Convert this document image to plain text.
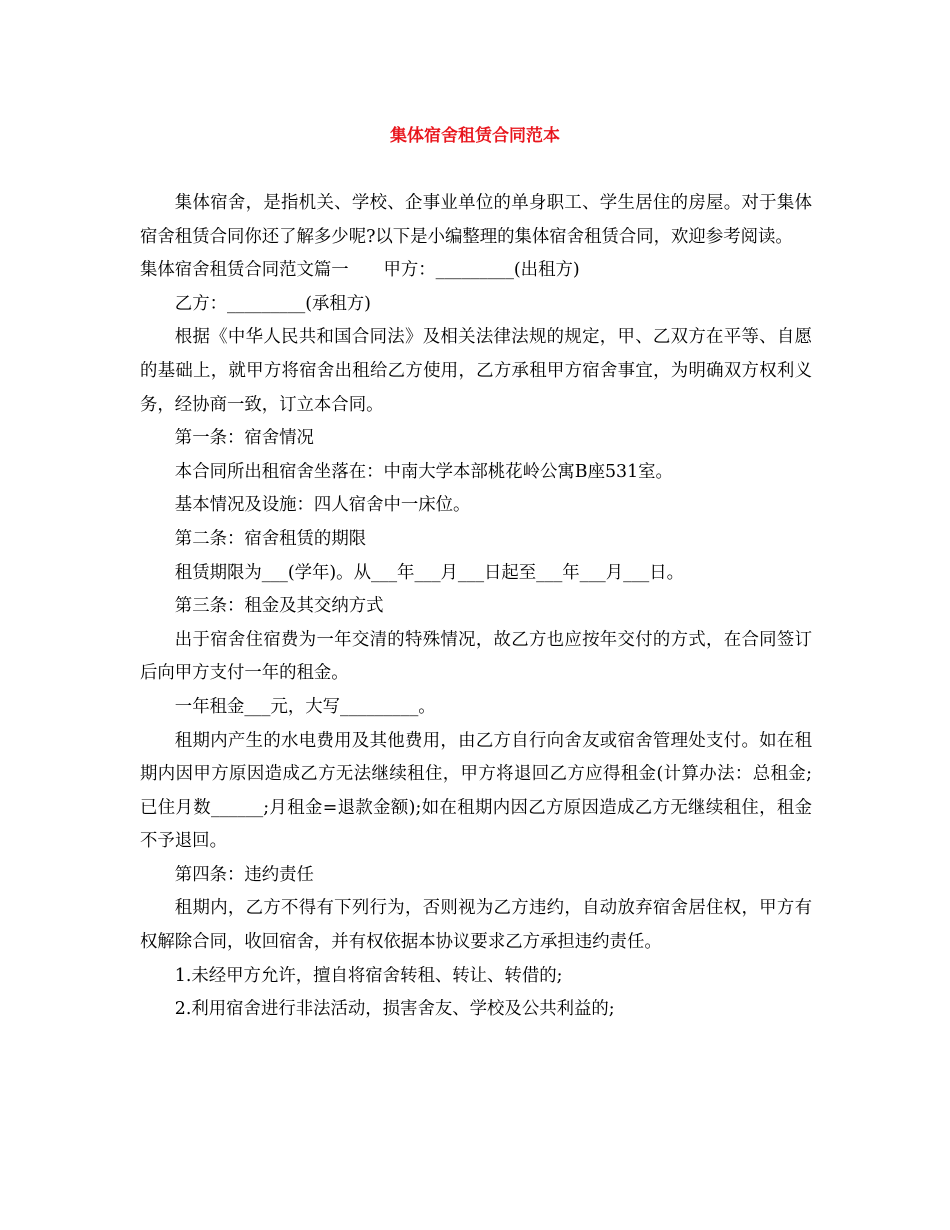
集体宿舍租赁合同范本

集体宿舍，是指机关、学校、企事业单位的单身职工、学生居住的房屋。对于集体宿舍租赁合同你还了解多少呢?以下是小编整理的集体宿舍租赁合同，欢迎参考阅读。

集体宿舍租赁合同范文篇一　　甲方：_________(出租方)

乙方：_________(承租方)

根据《中华人民共和国合同法》及相关法律法规的规定，甲、乙双方在平等、自愿的基础上，就甲方将宿舍出租给乙方使用，乙方承租甲方宿舍事宜，为明确双方权利义务，经协商一致，订立本合同。

第一条：宿舍情况

本合同所出租宿舍坐落在：中南大学本部桃花岭公寓B座531室。

基本情况及设施：四人宿舍中一床位。

第二条：宿舍租赁的期限

租赁期限为___(学年)。从___年___月___日起至___年___月___日。

第三条：租金及其交纳方式

出于宿舍住宿费为一年交清的特殊情况，故乙方也应按年交付的方式，在合同签订后向甲方支付一年的租金。

一年租金___元，大写_________。

租期内产生的水电费用及其他费用，由乙方自行向舍友或宿舍管理处支付。如在租期内因甲方原因造成乙方无法继续租住，甲方将退回乙方应得租金(计算办法：总租金;已住月数______;月租金=退款金额);如在租期内因乙方原因造成乙方无继续租住，租金不予退回。

第四条：违约责任

租期内，乙方不得有下列行为，否则视为乙方违约，自动放弃宿舍居住权，甲方有权解除合同，收回宿舍，并有权依据本协议要求乙方承担违约责任。

1.未经甲方允许，擅自将宿舍转租、转让、转借的;

2.利用宿舍进行非法活动，损害舍友、学校及公共利益的;
